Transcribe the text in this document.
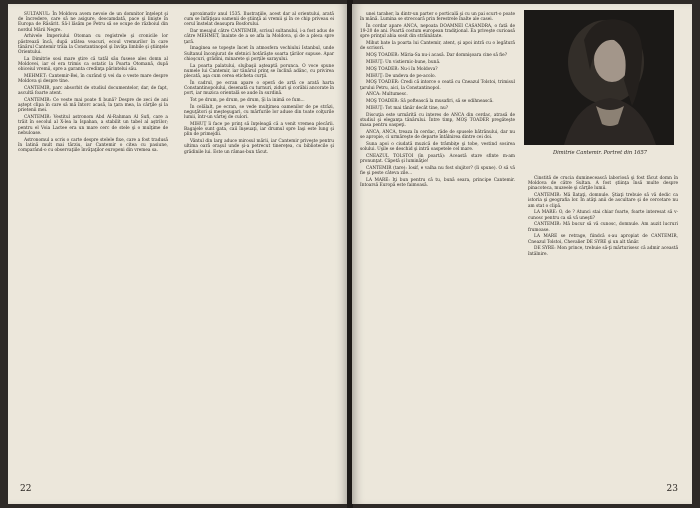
SULTANUL: În Moldova avem nevoie de un domnitor înţelept şi de încredere, care să ne asigure, deocamdată, pace şi linişte în Europa de Răsărit. Să-l lăsăm pe Petru să se ocupe de războiul din nordul Mării Negre.

Arhivele Imperiului Otoman cu registrele şi cronicile lor păstrează încă, după atâtea veacuri, ecoul vremurilor în care tânărul Cantemir trăia la Constantinopol şi învăţa limbile şi ştiinţele Orientului.

La Dimitrie sosi mare ştire că tatăl său fusese ales domn al Moldovei, iar el era trimis ca ostatic la Poarta Otomană, după obiceiul vremii, spre a garanta credinţa părintelui său.

MEHMET: Cantemir-Bei, în curând ţi vei da o veste mare despre Moldova şi despre tine.

CANTEMIR, parc absorbit de studiul documentelor, dar, de fapt, ascultă foarte atent.

CANTEMIR: Ce veste mai poate fi bună? Despre de zeci de ani aştept clipa în care să mă întorc acasă, la ţara mea, la cărţile şi la prietenii mei.

CANTEMIR: Vestitul astronom Abd Al-Rahman Al Sufi, care a trăit în secolul al X-lea la Ispahan, a stabilit un tabel al aştrilor; pentru el Voia Lactee era un mare cerc de stele şi o mulţime de nebuloase.

Astronomul a scris o carte despre stelele fixe, care a fost tradusă în latină mult mai târziu, iar Cantemir o citea cu pasiune, comparând-o cu observaţiile învăţaţilor europeni din vremea sa.

aproximativ anul 1535. Ilustraţiile, acest dar al orientului, arată cum se înfăţişau oamenii de ştiinţă ai vremii şi în ce chip priveau ei cerul înstelat deasupra Bosforului.

Dar mesajul către CANTEMIR, scrisul sultanului, i-a fost adus de către MEHMET, înainte de a se afla la Moldova, şi de a pleca spre ţară.

Imaginea se topeşte încet în atmosfera vechiului Istanbul, unde Sultanul înconjurat de sfetnici hotărăşte soarta ţărilor supuse. Apar chioşcuri, grădini, minarete şi porţile sarayului.

La poarta palatului, slujbaşii aşteaptă porunca. O voce spune numele lui Cantemir, iar tânărul prinţ se înclină adânc, cu privirea plecată, aşa cum cerea eticheta curţii.

În cadrul, pe ecran apare o operă de artă ce arată harta Constantinopolului, desenată cu turnuri, ziduri şi corăbii ancorate în port, iar muzica orientală se aude în surdină.

Tot pe drum, pe drum, pe drum, Şi la inimă ce fum...

În celălalt, pe ecran, se vede mulţimea oamenilor de pe străzi, neguţători şi meşteşugari, cu mărfurile lor aduse din toate colţurile lumii, într-un vârtej de culori.

MIHUŢ îi face pe prinţ să înţeleagă că a venit vremea plecării. Bagajele sunt gata, caii înşeuaţi, iar drumul spre Iaşi este lung şi plin de primejdii.

Vântul din larg aduce mirosul mării, iar Cantemir priveşte pentru ultima oară oraşul unde şi-a petrecut tinereţea, cu bibliotecile şi grădinile lui. Este un rămas-bun tăcut.

22

unei taraher, la dintr-un parter o porticală şi cu un pai scurt-o poate în mână. Lumina se strecoară prin ferestrele înalte ale casei.

În cordar apare ANCA, nepoata DOAMNEI CASANDRA, o fată de 19-20 de ani. Poartă costum european tradiţional. Ea priveşte curioasă spre prinţul abia sosit din străinătate.

Mihut bate la poarta lui Cantemir, atent, şi apoi intră cu o legătură de scrisori.

MOŞ TOADER: Măria-Sa nu-i acasă. Dar domnişoara cine să fie?

MIHUŢ: Un vistiernic-bune, bună.

MOŞ TOADER: Nu-i în Moldova?

MIHUŢ: De undeva de pe-acolo.

MOŞ TOADER: Credi că intorce o ceată cu Cneazul Tolstoi, trimisul ţarului Petru, aici, la Constantinopol.

ANCA: Multumesc.

MOŞ TOADER: Să poftească la musafiri, să se odihnească.

MIHUŢ: Tot mai tânăr decât tine, nu?

Discuţia este urmărită cu interes de ANCA din cerdac, atrasă de studiul şi eleganţa tânărului. Între timp, MOŞ TOADER pregăteşte masa pentru oaspeţi.

ANCA, ANCA, treaza în cerdac, râde de spusele bătrânului, dar nu se apropie, ci urmăreşte de departe întâlnirea dintre cei doi.

Suna apoi o ciudată muzică de trâmbiţe şi tobe, vestind sosirea solului. Uşile se deschid şi intră oaspetele cel mare.

CNEAZUL TOLSTOI (în poartă): Această stare sfinte m-am pronunţat. Căpetă şi luminăţie!

CANTEMIR (tare): Iosif, e valha nu fost slujitor? (Ii spune). O să vă fie şi peste câteva zile...

LA MARE: Iţi bun pentru că tu, bună seara, principe Cantemir. Intoarsă Europă este faimoasă.

Dimitrie Cantemir. Portret din 1657

Cinstită de crucia duminecească laboriosă şi fost făcut domn în Moldova de către Sultan. A fost ştiinţa însă multe despre pinacoteca, muzeele şi cărţile lumii.

CANTEMIR: Mă îlataţi, domnule. Ştiaţi trebuie să vă dedic ca istoria şi geografia lor. În atâţi anii de ascultare şi de cercetare nu am stat o clipă.

LA MARE: O, de ? Atunci stai chiar foarte, foarte interesat să v-cunosc pentru ca să vă uneşti?

CANTEMIR: Mă bucur să vă cunosc, domnule. Am auzit lucruri frumoase.

LA MARE se retrage, fiindcă s-au apropiat de CANTEMIR, Cneazul Tolstoi, Chevalier DE SYRE şi un alt tânăr.

DE SYRE: Mon prince, trebuie să-ţi mărturisesc că admir această întâlnire.

23
